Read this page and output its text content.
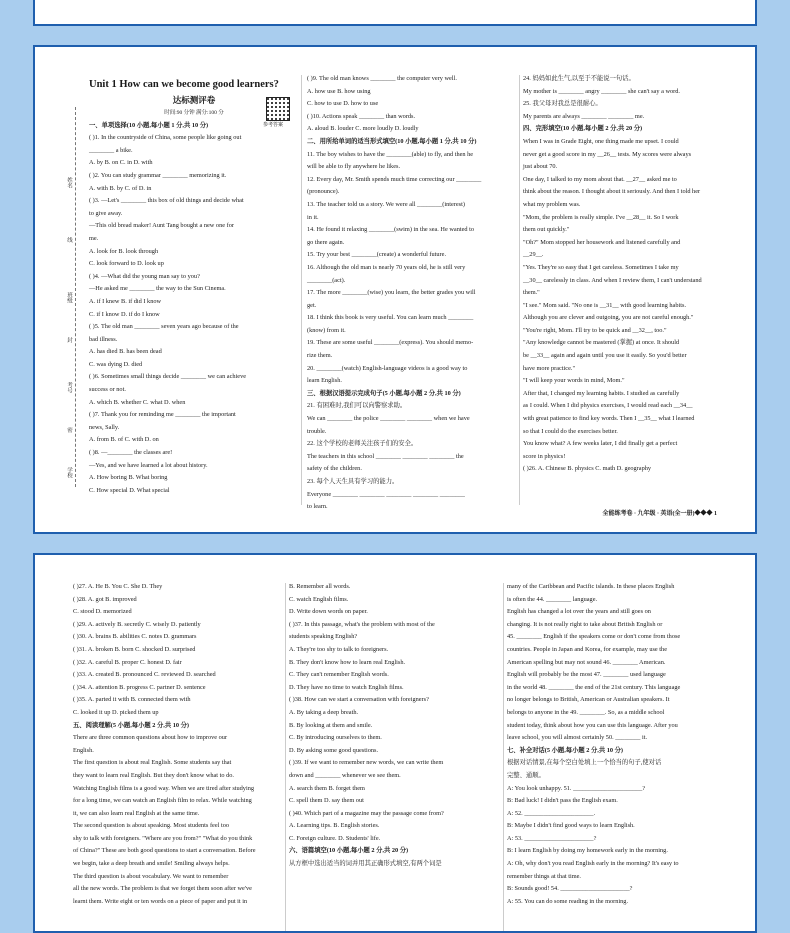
姓名
线
班级
封
考号
密
学校

Unit 1 How can we become good learners?

达标测评卷

时间:90 分钟 满分:100 分

一、单项选择(10 小题,每小题 1 分,共 10 分)

( )1. In the countryside of China, some people like going out

________ a bike.

A. by B. on C. in D. with

( )2. You can study grammar ________ memorizing it.

A. with B. by C. of D. in

( )3. —Let's ________ this box of old things and decide what

to give away.

—This old bread maker! Aunt Tang bought a new one for

me.

A. look for B. look through

C. look forward to D. look up

( )4. —What did the young man say to you?

—He asked me ________ the way to the Sun Cinema.

A. if I knew B. if did I know

C. if I know D. if do I know

( )5. The old man ________ seven years ago because of the

bad illness.

A. has died B. has been dead

C. was dying D. died

( )6. Sometimes small things decide ________ we can achieve

success or not.

A. which B. whether C. what D. when

( )7. Thank you for reminding me ________ the important

news, Sally.

A. from B. of C. with D. on

( )8. —________ the classes are!

—Yes, and we have learned a lot about history.

A. How boring B. What boring

C. How special D. What special

参考答案

( )9. The old man knows ________ the computer very well.

A. how use B. how using

C. how to use D. how to use

( )10. Actions speak ________ than words.

A. aloud B. louder C. more loudly D. loudly

二、用所给单词的适当形式填空(10 小题,每小题 1 分,共 10 分)

11. The boy wishes to have the ________(able) to fly, and then he

will be able to fly anywhere he likes.

12. Every day, Mr. Smith spends much time correcting our ________

(pronounce).

13. The teacher told us a story. We were all ________(interest)

in it.

14. He found it relaxing ________(swim) in the sea. He wanted to

go there again.

15. Try your best ________(create) a wonderful future.

16. Although the old man is nearly 70 years old, he is still very

________(act).

17. The more ________(wise) you learn, the better grades you will

get.

18. I think this book is very useful. You can learn much ________

(know) from it.

19. These are some useful ________(express). You should memo-

rize them.

20. ________(watch) English-language videos is a good way to

learn English.

三、根据汉语提示完成句子(5 小题,每小题 2 分,共 10 分)

21. 有困难时,我们可以向警察求助。

We can ________ the police ________ ________ when we have

trouble.

22. 这个学校的老师关注孩子们的安全。

The teachers in this school ________ ________ ________ the

safety of the children.

23. 每个人天生具有学习的能力。

Everyone ________ ________ ________ ________ ________

to learn.

24. 妈妈如此生气,以至于不能说一句话。

My mother is ________ angry ________ she can't say a word.

25. 我父母对我总是很耐心。

My parents are always ________ ________ me.

四、完形填空(10 小题,每小题 2 分,共 20 分)

When I was in Grade Eight, one thing made me upset. I could

never get a good score in my __26__ tests. My scores were always

just about 70.

One day, I talked to my mom about that. __27__ asked me to

think about the reason. I thought about it seriously. And then I told her

what my problem was.

"Mom, the problem is really simple. I've __28__ it. So I work

them out quickly."

"Oh?" Mom stopped her housework and listened carefully and

__29__.

"Yes. They're so easy that I get careless. Sometimes I take my

__30__ carelessly in class. And when I review them, I can't understand

them."

"I see." Mom said. "No one is __31__ with good learning habits.

Although you are clever and outgoing, you are not careful enough."

"You're right, Mom. I'll try to be quick and __32__, too."

"Any knowledge cannot be mastered (掌握) at once. It should

be __33__ again and again until you use it easily. So you'd better

have more practice."

"I will keep your words in mind, Mom."

After that, I changed my learning habits. I studied as carefully

as I could. When I did physics exercises, I would read each __34__

with great patience to find key words. Then I __35__ what I learned

so that I could do the exercises better.

You know what? A few weeks later, I did finally get a perfect

score in physics!

( )26. A. Chinese B. physics C. math D. geography

全能练考卷 · 九年级 · 英语(全一册)◆◆◆ 1

( )27. A. He B. You C. She D. They

( )28. A. got B. improved

C. stood D. memorized

( )29. A. actively B. secretly C. wisely D. patiently

( )30. A. brains B. abilities C. notes D. grammars

( )31. A. broken B. born C. shocked D. surprised

( )32. A. careful B. proper C. honest D. fair

( )33. A. created B. pronounced C. reviewed D. searched

( )34. A. attention B. progress C. partner D. sentence

( )35. A. parted it with B. connected them with

C. looked it up D. picked them up

五、阅读理解(5 小题,每小题 2 分,共 10 分)

There are three common questions about how to improve our

English.

The first question is about real English. Some students say that

they want to learn real English. But they don't know what to do.

Watching English films is a good way. When we are tired after studying

for a long time, we can watch an English film to relax. While watching

it, we can also learn real English at the same time.

The second question is about speaking. Most students feel too

shy to talk with foreigners. "Where are you from?" "What do you think

of China?" These are both good questions to start a conversation. Before

we begin, take a deep breath and smile! Smiling always helps.

The third question is about vocabulary. We want to remember

all the new words. The problem is that we forget them soon after we've

learnt them. Write eight or ten words on a piece of paper and put it in

B. Remember all words.

C. watch English films.

D. Write down words on paper.

( )37. In this passage, what's the problem with most of the

students speaking English?

A. They're too shy to talk to foreigners.

B. They don't know how to learn real English.

C. They can't remember English words.

D. They have no time to watch English films.

( )38. How can we start a conversation with foreigners?

A. By taking a deep breath.

B. By looking at them and smile.

C. By introducing ourselves to them.

D. By asking some good questions.

( )39. If we want to remember new words, we can write them

down and ________ whenever we see them.

A. search them B. forget them

C. spell them D. say them out

( )40. Which part of a magazine may the passage come from?

A. Learning tips. B. English stories.

C. Foreign culture. D. Students' life.

六、语篇填空(10 小题,每小题 2 分,共 20 分)

从方框中选出适当的词并用其正确形式填空,有两个词是

many of the Caribbean and Pacific islands. In these places English

is often the 44. ________ language.

English has changed a lot over the years and still goes on

changing. It is not really right to take about British English or

45. ________ English if the speakers come or don't come from those

countries. People in Japan and Korea, for example, may use the

American spelling but may not sound 46. ________ American.

English will probably be the most 47. ________ used language

in the world 48. ________ the end of the 21st century. This language

no longer belongs to British, American or Australian speakers. It

belongs to anyone in the 49. ________. So, as a middle school

student today, think about how you can use this language. After you

leave school, you will almost certainly 50. ________ it.

七、补全对话(5 小题,每小题 2 分,共 10 分)

根据对话情景,在每个空白处填上一个恰当的句子,使对话

完整、通顺。

A: You look unhappy. 51. ______________________?

B: Bad luck! I didn't pass the English exam.

A: 52. ______________________.

B: Maybe I didn't find good ways to learn English.

A: 53. ______________________?

B: I learn English by doing my homework early in the morning.

A: Oh, why don't you read English early in the morning? It's easy to

remember things at that time.

B: Sounds good! 54. ______________________?

A: 55. You can do some reading in the morning.
